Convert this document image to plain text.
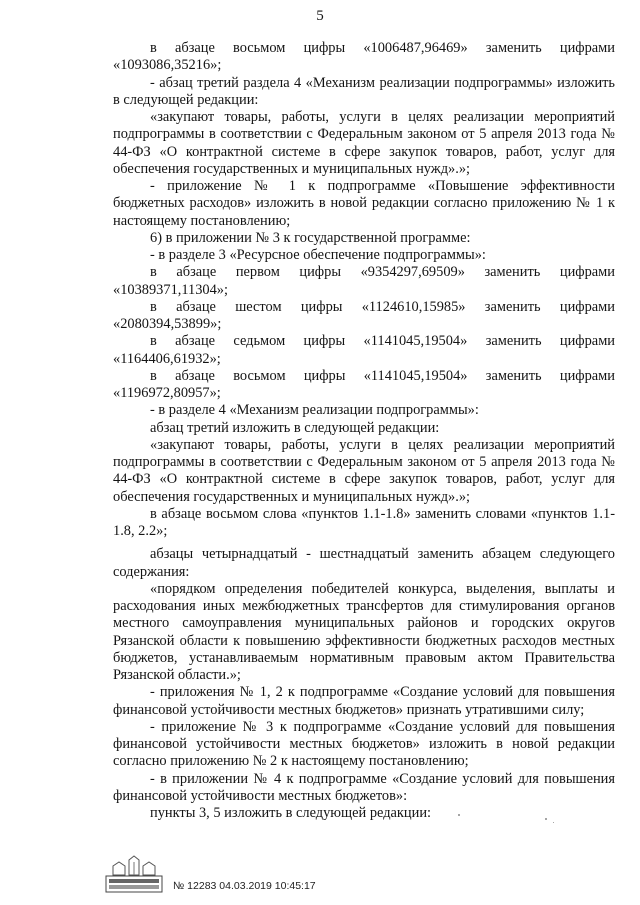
5

в абзаце восьмом цифры «1006487,96469» заменить цифрами «1093086,35216»;

- абзац третий раздела 4 «Механизм реализации подпрограммы» изложить в следующей редакции:

«закупают товары, работы, услуги в целях реализации мероприятий подпрограммы в соответствии с Федеральным законом от 5 апреля 2013 года № 44-ФЗ «О контрактной системе в сфере закупок товаров, работ, услуг для обеспечения государственных и муниципальных нужд».»;

- приложение № 1 к подпрограмме «Повышение эффективности бюджетных расходов» изложить в новой редакции согласно приложению № 1 к настоящему постановлению;

6) в приложении № 3 к государственной программе:

- в разделе 3 «Ресурсное обеспечение подпрограммы»:

в абзаце первом цифры «9354297,69509» заменить цифрами «10389371,11304»;

в абзаце шестом цифры «1124610,15985» заменить цифрами «2080394,53899»;

в абзаце седьмом цифры «1141045,19504» заменить цифрами «1164406,61932»;

в абзаце восьмом цифры «1141045,19504» заменить цифрами «1196972,80957»;

- в разделе 4 «Механизм реализации подпрограммы»:

абзац третий изложить в следующей редакции:

«закупают товары, работы, услуги в целях реализации мероприятий подпрограммы в соответствии с Федеральным законом от 5 апреля 2013 года № 44-ФЗ «О контрактной системе в сфере закупок товаров, работ, услуг для обеспечения государственных и муниципальных нужд».»;

в абзаце восьмом слова «пунктов 1.1-1.8» заменить словами «пунктов 1.1-1.8, 2.2»;

абзацы четырнадцатый - шестнадцатый заменить абзацем следующего содержания:

«порядком определения победителей конкурса, выделения, выплаты и расходования иных межбюджетных трансфертов для стимулирования органов местного самоуправления муниципальных районов и городских округов Рязанской области к повышению эффективности бюджетных расходов местных бюджетов, устанавливаемым нормативным правовым актом Правительства Рязанской области.»;

- приложения № 1, 2 к подпрограмме «Создание условий для повышения финансовой устойчивости местных бюджетов» признать утратившими силу;

- приложение № 3 к подпрограмме «Создание условий для повышения финансовой устойчивости местных бюджетов» изложить в новой редакции согласно приложению № 2 к настоящему постановлению;

- в приложении № 4 к подпрограмме «Создание условий для повышения финансовой устойчивости местных бюджетов»:

пункты 3, 5 изложить в следующей редакции:

№ 12283 04.03.2019 10:45:17
